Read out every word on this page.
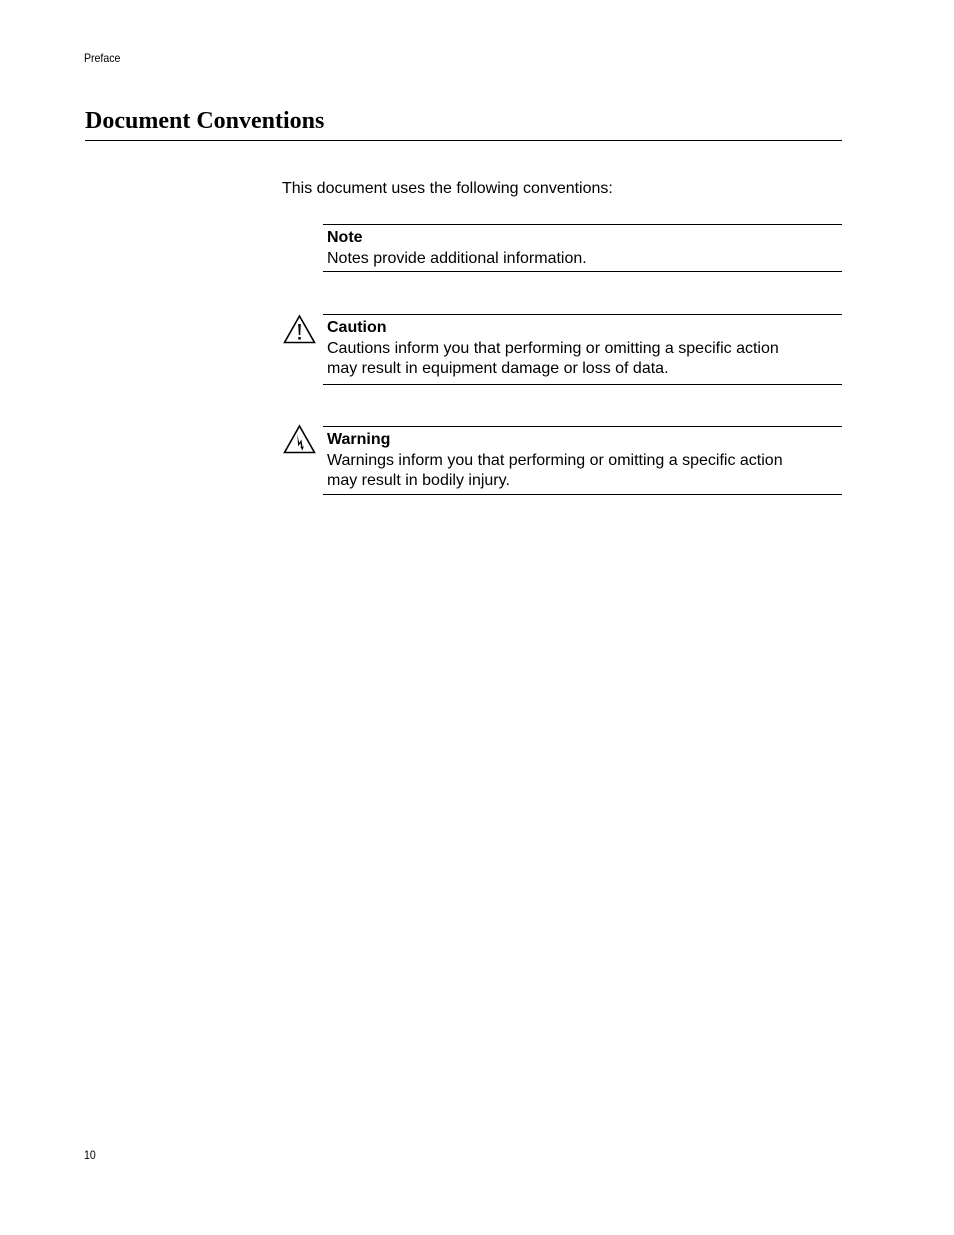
Preface
Document Conventions
This document uses the following conventions:
Note
Notes provide additional information.
Caution
Cautions inform you that performing or omitting a specific action
may result in equipment damage or loss of data.
Warning
Warnings inform you that performing or omitting a specific action
may result in bodily injury.
10
